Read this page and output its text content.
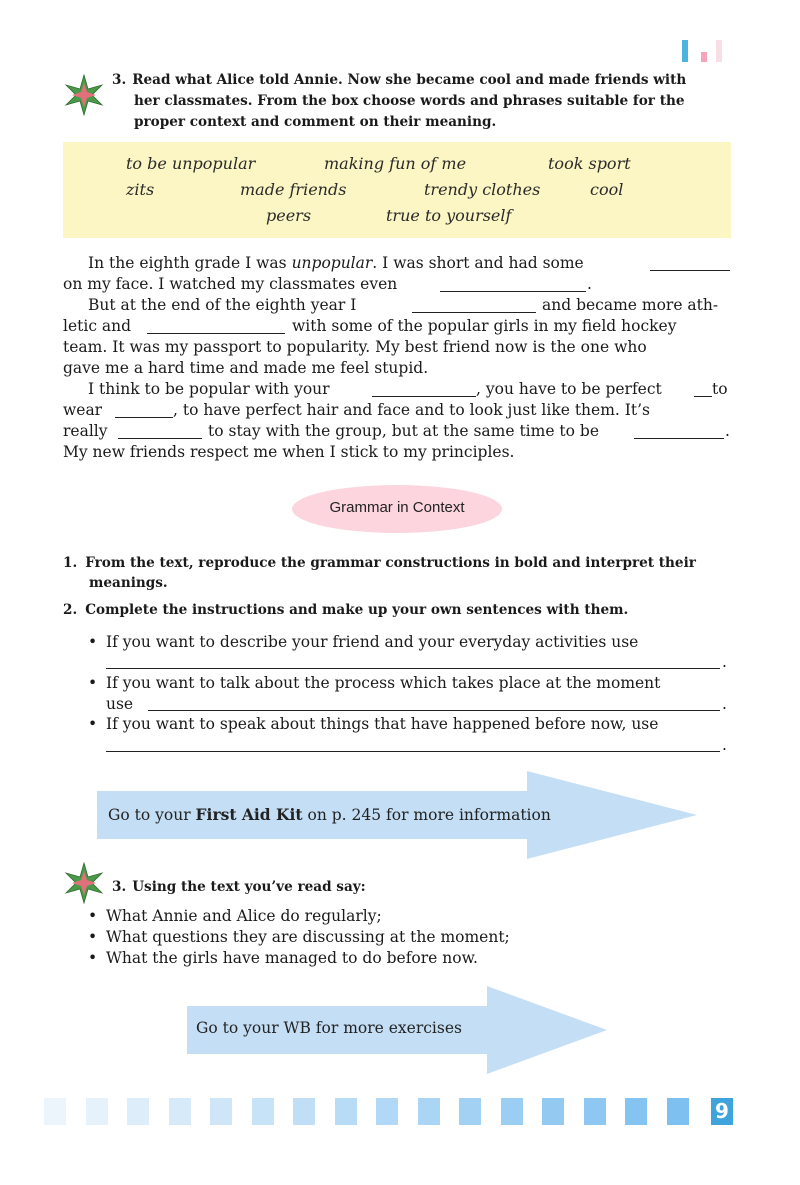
3. Read what Alice told Annie. Now she became cool and made friends with
her classmates. From the box choose words and phrases suitable for the
proper context and comment on their meaning.
to be unpopular	making fun of me	took sport
zits	made friends	trendy clothes	cool
peers	true to yourself
In the eighth grade I was unpopular. I was short and had some
on my face. I watched my classmates even	.
But at the end of the eighth year I	and became more ath-
letic and	with some of the popular girls in my field hockey
team. It was my passport to popularity. My best friend now is the one who
gave me a hard time and made me feel stupid.
I think to be popular with your	, you have to be perfect	to
wear	, to have perfect hair and face and to look just like them. It’s
really	to stay with the group, but at the same time to be	.
My new friends respect me when I stick to my principles.
Grammar in Context
1. From the text, reproduce the grammar constructions in bold and interpret their
meanings.
2. Complete the instructions and make up your own sentences with them.
• If you want to describe your friend and your everyday activities use
.
• If you want to talk about the process which takes place at the moment
use	.
• If you want to speak about things that have happened before now, use
.
Go to your First Aid Kit on p. 245 for more information
3. Using the text you’ve read say:
• What Annie and Alice do regularly;
• What questions they are discussing at the moment;
• What the girls have managed to do before now.
Go to your WB for more exercises
9
